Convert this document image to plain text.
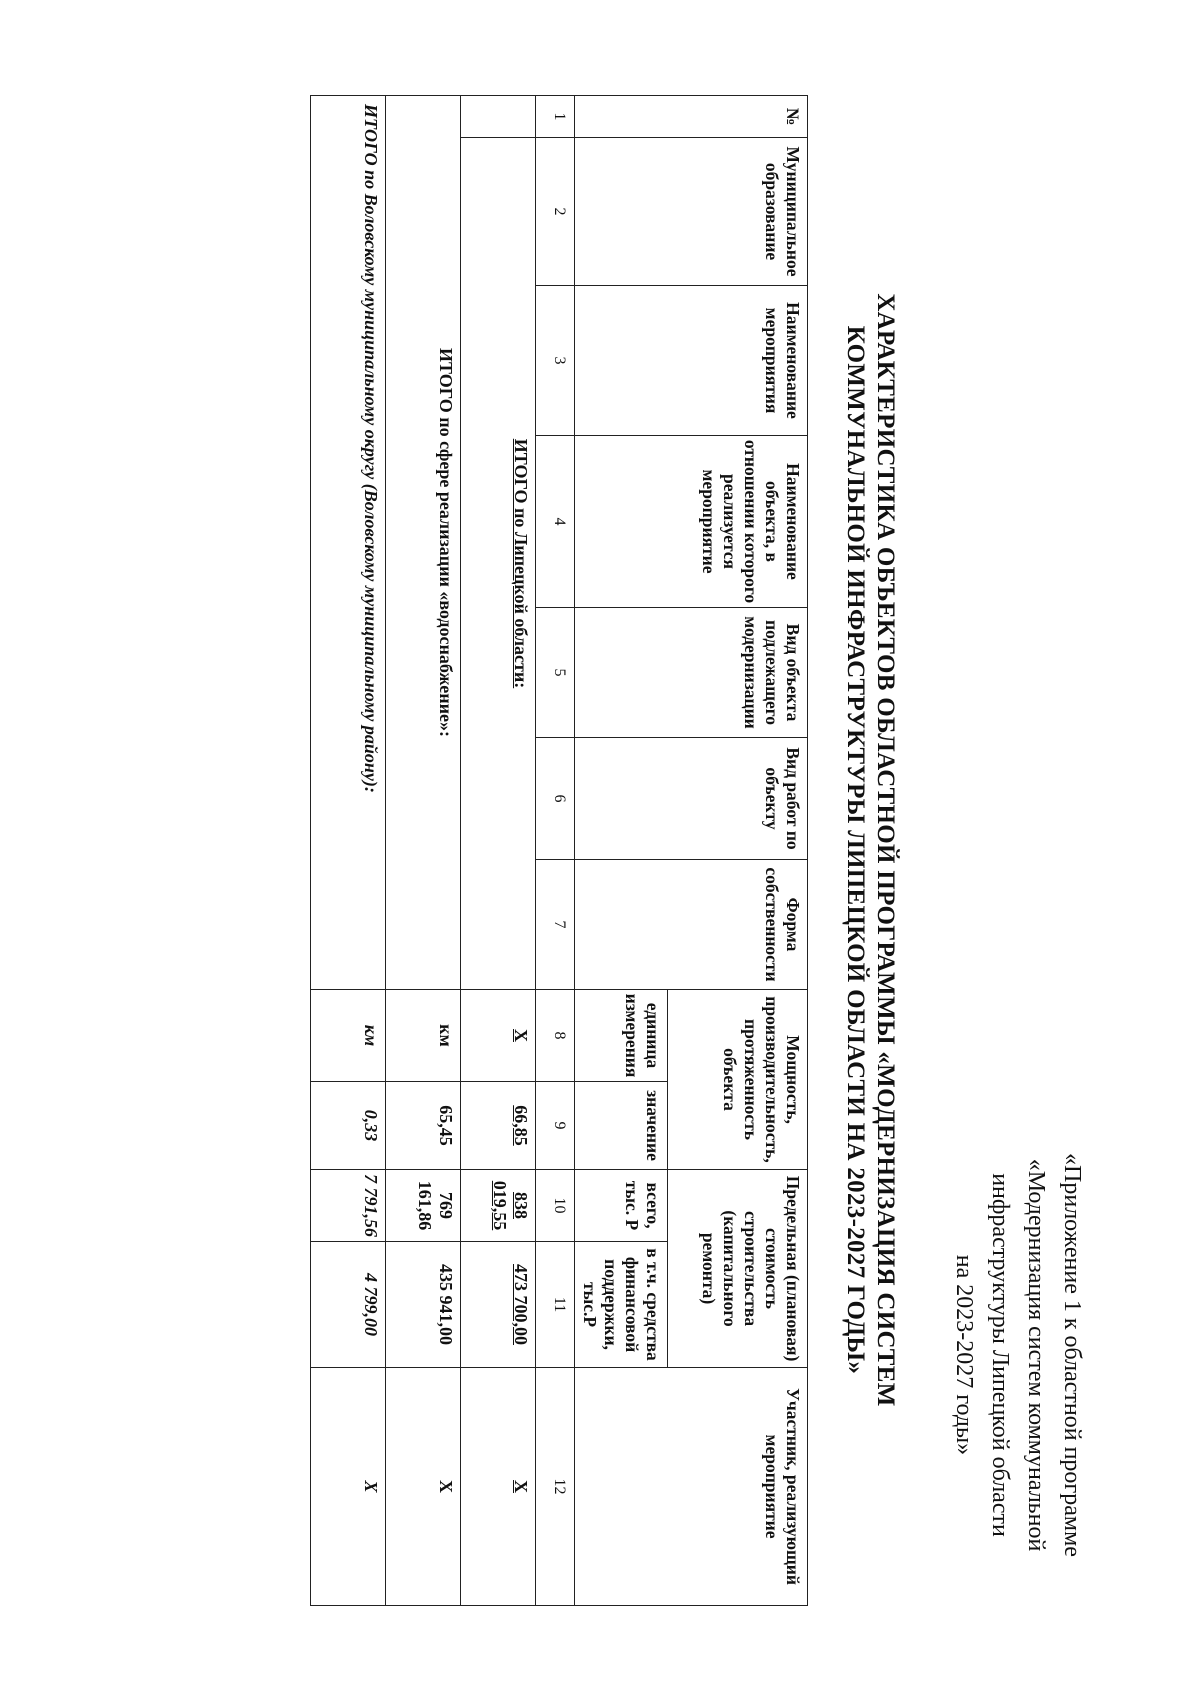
«Приложение 1 к областной программе
«Модернизация систем коммунальной
инфраструктуры Липецкой области
на 2023-2027 годы»
ХАРАКТЕРИСТИКА ОБЪЕКТОВ ОБЛАСТНОЙ ПРОГРАММЫ «МОДЕРНИЗАЦИЯ СИСТЕМ
КОММУНАЛЬНОЙ ИНФРАСТРУКТУРЫ ЛИПЕЦКОЙ ОБЛАСТИ НА 2023-2027 ГОДЫ»
№	Муниципальное образование	Наименование мероприятия	Наименование объекта, в отношении которого реализуется мероприятие	Вид объекта подлежащего модернизации	Вид работ по объекту	Форма собственности	Мощность, производительность, протяженность объекта		Предельная (плановая) стоимость строительства (капитального ремонта)		Участник, реализующий мероприятие
							единица измерения	значение	всего, тыс. Р	в т.ч. средства финансовой поддержки, тыс.Р	
1	2	3	4	5	6	7	8	9	10	11	12
	ИТОГО по Липецкой области:						Х	66,85	838 019,55	473 700,00	Х
ИТОГО по сфере реализации «водоснабжение»:							км	65,45	769 161,86	435 941,00	Х
ИТОГО по Воловскому муниципальному округу (Воловскому муниципальному району):							км	0,33	7 791,56	4 799,00	Х
